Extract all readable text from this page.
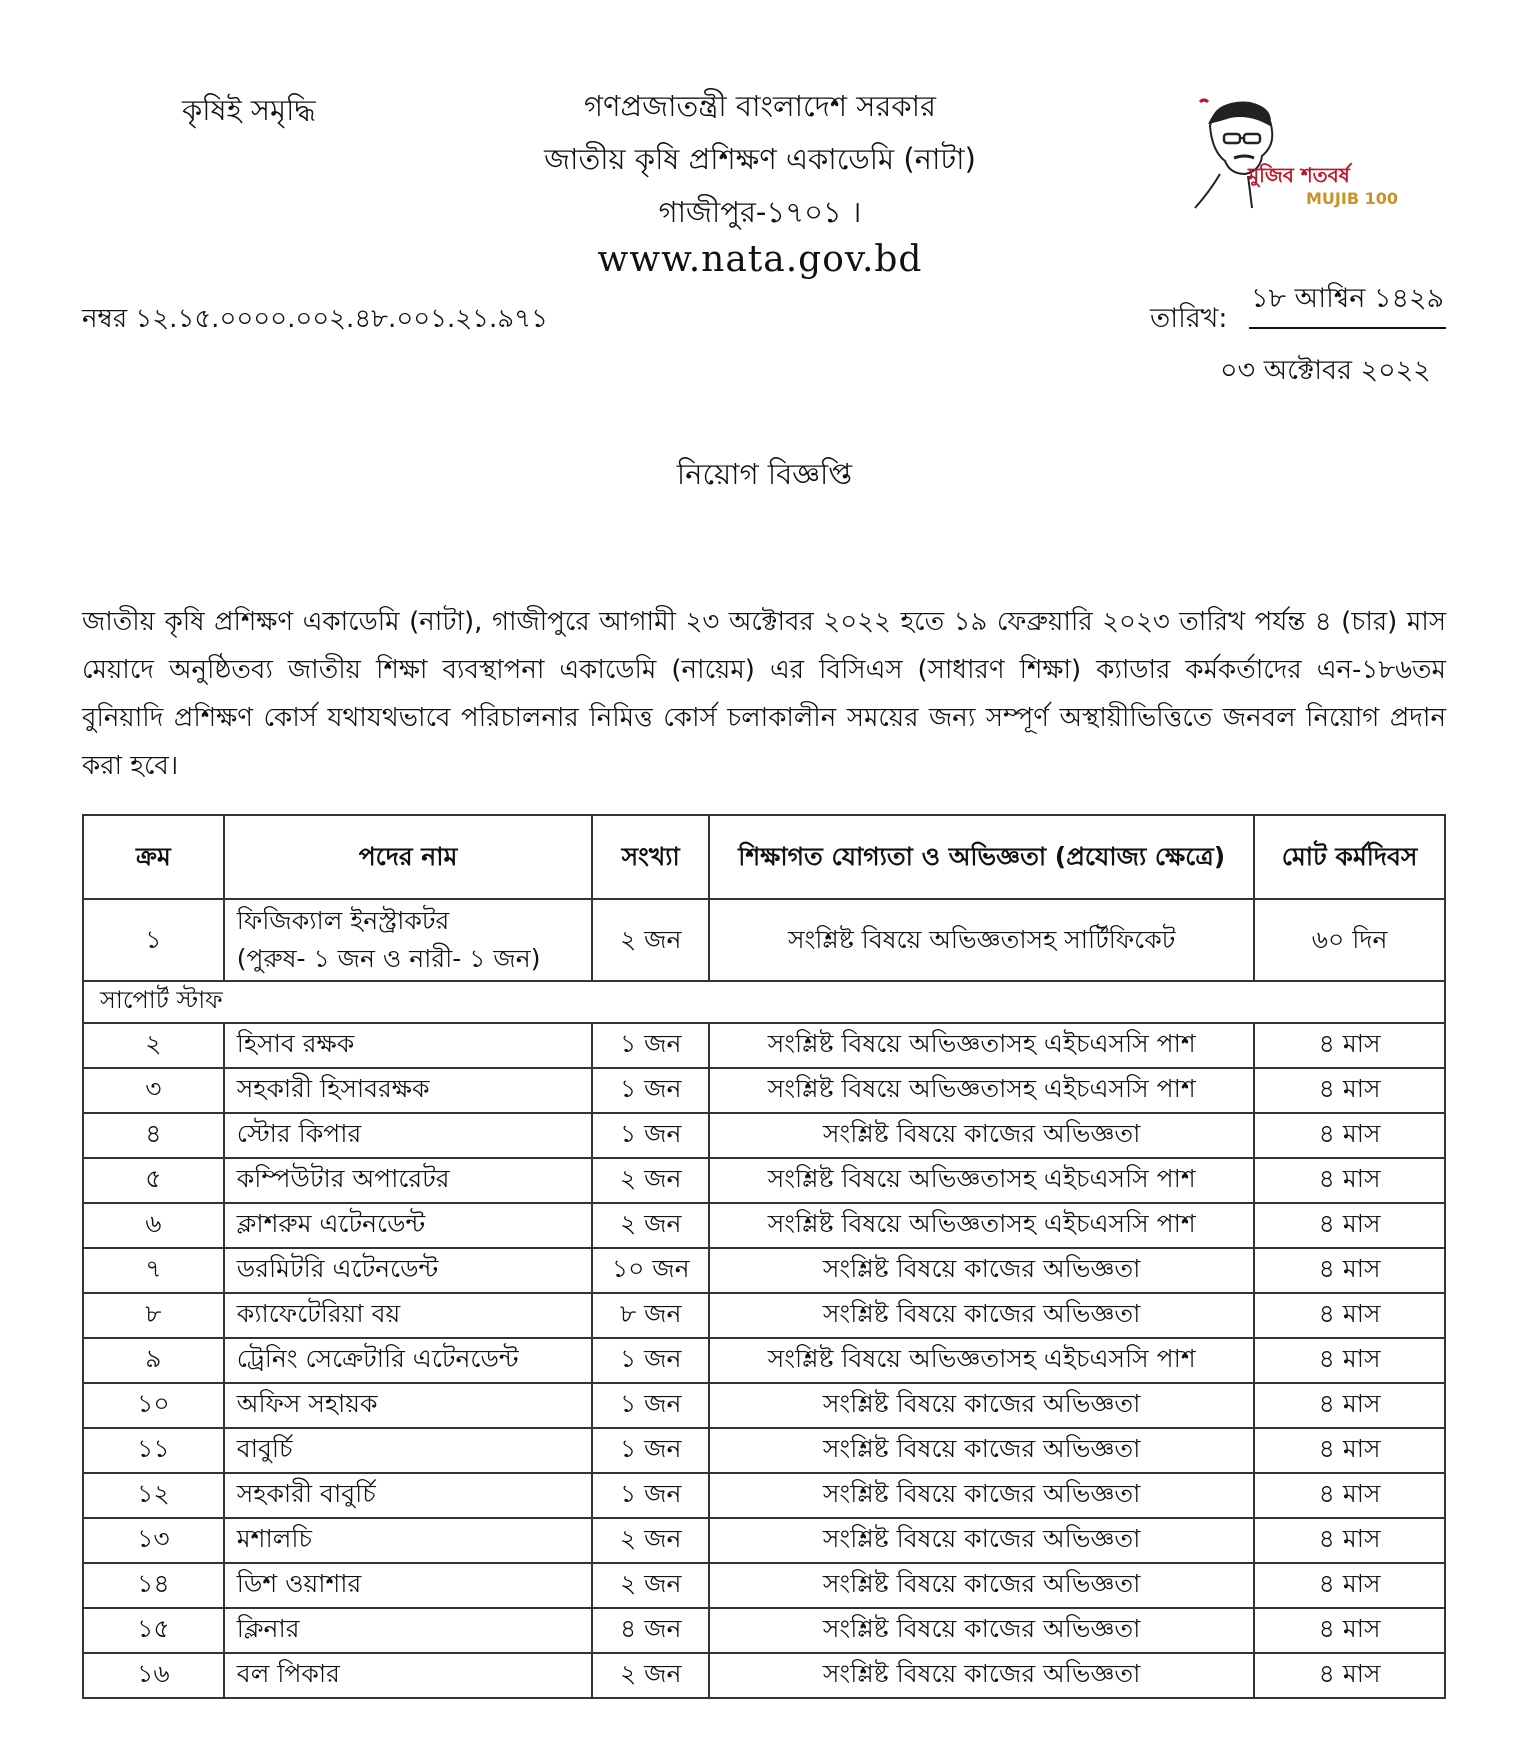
কৃষিই সমৃদ্ধি	গণপ্রজাতন্ত্রী বাংলাদেশ সরকার
জাতীয় কৃষি প্রশিক্ষণ একাডেমি (নাটা)
গাজীপুর-১৭০১ ।
www.nata.gov.bd
মুজিব শতবর্ষ
MUJIB 100
নম্বর ১২.১৫.০০০০.০০২.৪৮.০০১.২১.৯৭১	তারিখ:
১৮ আশ্বিন ১৪২৯
০৩ অক্টোবর ২০২২
নিয়োগ বিজ্ঞপ্তি
জাতীয় কৃষি প্রশিক্ষণ একাডেমি (নাটা), গাজীপুরে আগামী ২৩ অক্টোবর ২০২২ হতে ১৯ ফেব্রুয়ারি ২০২৩ তারিখ পর্যন্ত ৪ (চার) মাস মেয়াদে অনুষ্ঠিতব্য জাতীয় শিক্ষা ব্যবস্থাপনা একাডেমি (নায়েম) এর বিসিএস (সাধারণ শিক্ষা) ক্যাডার কর্মকর্তাদের এন-১৮৬তম বুনিয়াদি প্রশিক্ষণ কোর্স যথাযথভাবে পরিচালনার নিমিত্ত কোর্স চলাকালীন সময়ের জন্য সম্পূর্ণ অস্থায়ীভিত্তিতে জনবল নিয়োগ প্রদান করা হবে।
ক্রম	পদের নাম	সংখ্যা	শিক্ষাগত যোগ্যতা ও অভিজ্ঞতা (প্রযোজ্য ক্ষেত্রে)	মোট কর্মদিবস
১	ফিজিক্যাল ইনস্ট্রাকটর
(পুরুষ- ১ জন ও নারী- ১ জন)	২ জন	সংশ্লিষ্ট বিষয়ে অভিজ্ঞতাসহ সার্টিফিকেট	৬০ দিন
সাপোর্ট স্টাফ				
২	হিসাব রক্ষক	১ জন	সংশ্লিষ্ট বিষয়ে অভিজ্ঞতাসহ এইচএসসি পাশ	৪ মাস
৩	সহকারী হিসাবরক্ষক	১ জন	সংশ্লিষ্ট বিষয়ে অভিজ্ঞতাসহ এইচএসসি পাশ	৪ মাস
৪	স্টোর কিপার	১ জন	সংশ্লিষ্ট বিষয়ে কাজের অভিজ্ঞতা	৪ মাস
৫	কম্পিউটার অপারেটর	২ জন	সংশ্লিষ্ট বিষয়ে অভিজ্ঞতাসহ এইচএসসি পাশ	৪ মাস
৬	ক্লাশরুম এটেনডেন্ট	২ জন	সংশ্লিষ্ট বিষয়ে অভিজ্ঞতাসহ এইচএসসি পাশ	৪ মাস
৭	ডরমিটরি এটেনডেন্ট	১০ জন	সংশ্লিষ্ট বিষয়ে কাজের অভিজ্ঞতা	৪ মাস
৮	ক্যাফেটেরিয়া বয়	৮ জন	সংশ্লিষ্ট বিষয়ে কাজের অভিজ্ঞতা	৪ মাস
৯	ট্রেনিং সেক্রেটারি এটেনডেন্ট	১ জন	সংশ্লিষ্ট বিষয়ে অভিজ্ঞতাসহ এইচএসসি পাশ	৪ মাস
১০	অফিস সহায়ক	১ জন	সংশ্লিষ্ট বিষয়ে কাজের অভিজ্ঞতা	৪ মাস
১১	বাবুর্চি	১ জন	সংশ্লিষ্ট বিষয়ে কাজের অভিজ্ঞতা	৪ মাস
১২	সহকারী বাবুর্চি	১ জন	সংশ্লিষ্ট বিষয়ে কাজের অভিজ্ঞতা	৪ মাস
১৩	মশালচি	২ জন	সংশ্লিষ্ট বিষয়ে কাজের অভিজ্ঞতা	৪ মাস
১৪	ডিশ ওয়াশার	২ জন	সংশ্লিষ্ট বিষয়ে কাজের অভিজ্ঞতা	৪ মাস
১৫	ক্লিনার	৪ জন	সংশ্লিষ্ট বিষয়ে কাজের অভিজ্ঞতা	৪ মাস
১৬	বল পিকার	২ জন	সংশ্লিষ্ট বিষয়ে কাজের অভিজ্ঞতা	৪ মাস
